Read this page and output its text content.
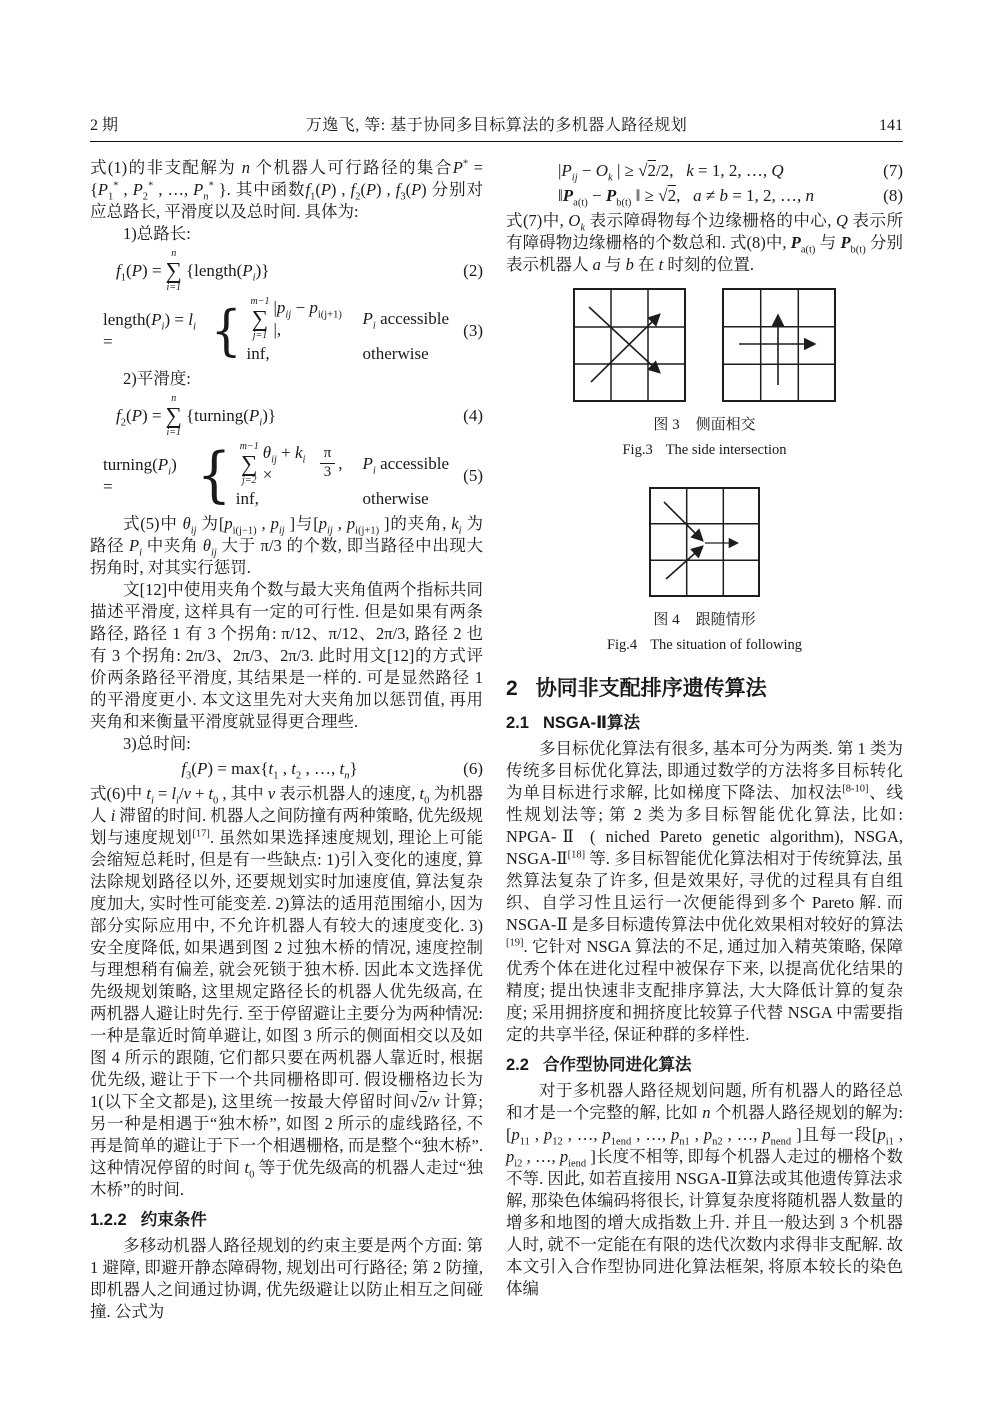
2 期	万逸飞, 等: 基于协同多目标算法的多机器人路径规划	141

式(1)的非支配解为 n 个机器人可行路径的集合$P^* = \{P_1^*$ , $P_2^*$ , …, $P_n^*$ }. 其中函数$f_1(P)$ , $f_2(P)$ , $f_3(P)$ 分别对应总路长, 平滑度以及总时间. 具体为:

1)总路长:
$f_1(P)$ =
n
∑
i=1
$\{length(P_i)\}$	(2)
$length(P_i) = l_i$ =	{ m−1
∑
j=1
$|p_{ij} - p_{i(j+1)}$ |,
$P_i$ accessible
inf,	otherwise
(3)
2)平滑度:
$f_2(P)$ =
n
∑
i=1
$\{turning(P_i)\}$	(4)
$turning(P_i)$ =	{ m−1
∑
j=2
$\theta_{ij} + k_i$ ×	$\frac{\pi}{3}$ , $P_i$ accessible
inf,	otherwise
(5)

式(5)中 $\theta_{ij}$ 为[$p_{i(j-1)}$ , $p_{ij}$ ]与[$p_{ij}$ , $p_{i(j+1)}$ ]的夹角, $k_i$ 为路径 $P_i$ 中夹角 $\theta_{ij}$ 大于 π/3 的个数, 即当路径中出现大拐角时, 对其实行惩罚.

文[12]中使用夹角个数与最大夹角值两个指标共同描述平滑度, 这样具有一定的可行性. 但是如果有两条路径, 路径 1 有 3 个拐角: π/12、π/12、2π/3, 路径 2 也有 3 个拐角: 2π/3、2π/3、2π/3. 此时用文[12]的方式评价两条路径平滑度, 其结果是一样的. 可是显然路径 1 的平滑度更小. 本文这里先对大夹角加以惩罚值, 再用夹角和来衡量平滑度就显得更合理些.

3)总时间:
$f_3(P) = \max\{t_1$ , $t_2$ , …, $t_n$}	(6)

式(6)中 $t_i = l_i/v + t_0$ , 其中 v 表示机器人的速度, $t_0$ 为机器人 i 滞留的时间. 机器人之间防撞有两种策略, 优先级规划与速度规划[17]. 虽然如果选择速度规划, 理论上可能会缩短总耗时, 但是有一些缺点: 1)引入变化的速度, 算法除规划路径以外, 还要规划实时加速度值, 算法复杂度加大, 实时性可能变差. 2)算法的适用范围缩小, 因为部分实际应用中, 不允许机器人有较大的速度变化. 3)安全度降低, 如果遇到图 2 过独木桥的情况, 速度控制与理想稍有偏差, 就会死锁于独木桥. 因此本文选择优先级规划策略, 这里规定路径长的机器人优先级高, 在两机器人避让时先行. 至于停留避让主要分为两种情况: 一种是靠近时简单避让, 如图 3 所示的侧面相交以及如图 4 所示的跟随, 它们都只要在两机器人靠近时, 根据优先级, 避让于下一个共同栅格即可. 假设栅格边长为 1(以下全文都是), 这里统一按最大停留时间√2/v 计算; 另一种是相遇于“独木桥”, 如图 2 所示的虚线路径, 不再是简单的避让于下一个相遇栅格, 而是整个“独木桥”. 这种情况停留的时间 $t_0$ 等于优先级高的机器人走过“独木桥”的时间.

1.2.2 约束条件

多移动机器人路径规划的约束主要是两个方面: 第 1 避障, 即避开静态障碍物, 规划出可行路径; 第 2 防撞, 即机器人之间通过协调, 优先级避让以防止相互之间碰撞. 公式为

$|P_{ij} - O_k$ | ≥ √2/2,   k = 1, 2, …, Q	(7)
$‖P_{a(t)} - P_{b(t)}$ ‖ ≥ √2,   a ≠ b = 1, 2, …, n	(8)

式(7)中, $O_k$ 表示障碍物每个边缘栅格的中心, Q 表示所有障碍物边缘栅格的个数总和. 式(8)中, $P_{a(t)}$ 与 $P_{b(t)}$ 分别表示机器人 a 与 b 在 t 时刻的位置.

图 3 侧面相交
Fig.3 The side intersection
图 4 跟随情形
Fig.4 The situation of following
2 协同非支配排序遗传算法
2.1 NSGA-Ⅱ算法

多目标优化算法有很多, 基本可分为两类. 第 1 类为传统多目标优化算法, 即通过数学的方法将多目标转化为单目标进行求解, 比如梯度下降法、加权法[8-10]、线性规划法等; 第 2 类为多目标智能优化算法, 比如: NPGA-Ⅱ ( niched Pareto genetic algorithm), NSGA, NSGA-Ⅱ[18] 等. 多目标智能优化算法相对于传统算法, 虽然算法复杂了许多, 但是效果好, 寻优的过程具有自组织、自学习性且运行一次便能得到多个 Pareto 解. 而 NSGA-Ⅱ 是多目标遗传算法中优化效果相对较好的算法[19]. 它针对 NSGA 算法的不足, 通过加入精英策略, 保障优秀个体在进化过程中被保存下来, 以提高优化结果的精度; 提出快速非支配排序算法, 大大降低计算的复杂度; 采用拥挤度和拥挤度比较算子代替 NSGA 中需要指定的共享半径, 保证种群的多样性.

2.2 合作型协同进化算法

对于多机器人路径规划问题, 所有机器人的路径总和才是一个完整的解, 比如 n 个机器人路径规划的解为: [$p_{11}$ , $p_{12}$ , …, $p_{1end}$ , …, $p_{n1}$ , $p_{n2}$ , …, $p_{nend}$ ]且每一段[$p_{i1}$ , $p_{i2}$ , …, $p_{iend}$ ]长度不相等, 即每个机器人走过的栅格个数不等. 因此, 如若直接用 NSGA-Ⅱ算法或其他遗传算法求解, 那染色体编码将很长, 计算复杂度将随机器人数量的增多和地图的增大成指数上升. 并且一般达到 3 个机器人时, 就不一定能在有限的迭代次数内求得非支配解. 故本文引入合作型协同进化算法框架, 将原本较长的染色体编
